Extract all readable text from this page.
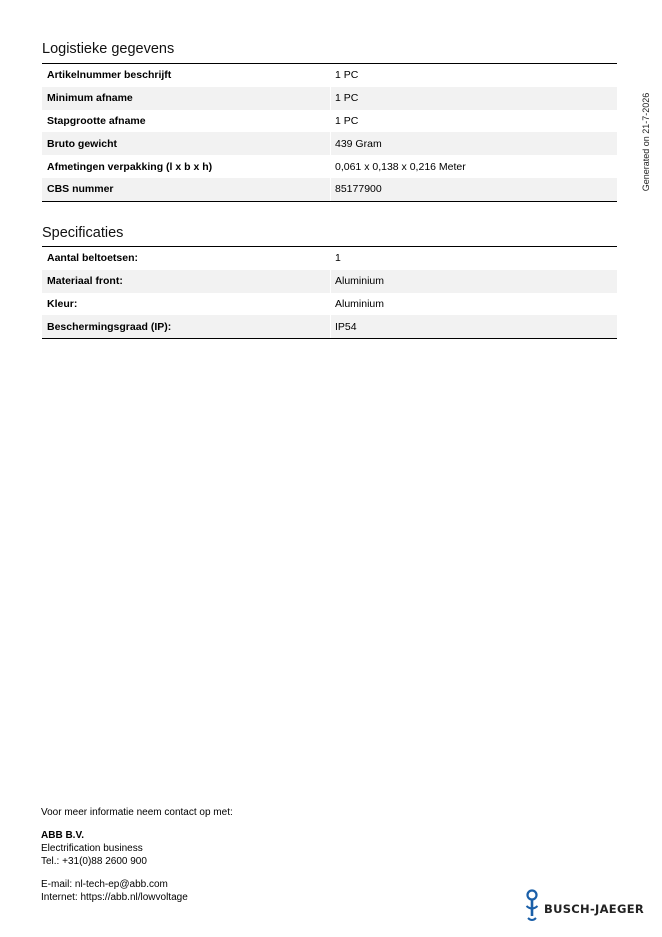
Logistieke gegevens
Artikelnummer beschrijft	1 PC
Minimum afname	1 PC
Stapgrootte afname	1 PC
Bruto gewicht	439 Gram
Afmetingen verpakking (l x b x h)	0,061 x 0,138 x 0,216 Meter
CBS nummer	85177900
Specificaties
Aantal beltoetsen:	1
Materiaal front:	Aluminium
Kleur:	Aluminium
Beschermingsgraad (IP):	IP54
Generated on 21-7-2026
Voor meer informatie neem contact op met:
ABB B.V.
Electrification business
Tel.: +31(0)88 2600 900
E-mail: nl-tech-ep@abb.com
Internet: https://abb.nl/lowvoltage
BUSCH-JAEGER
